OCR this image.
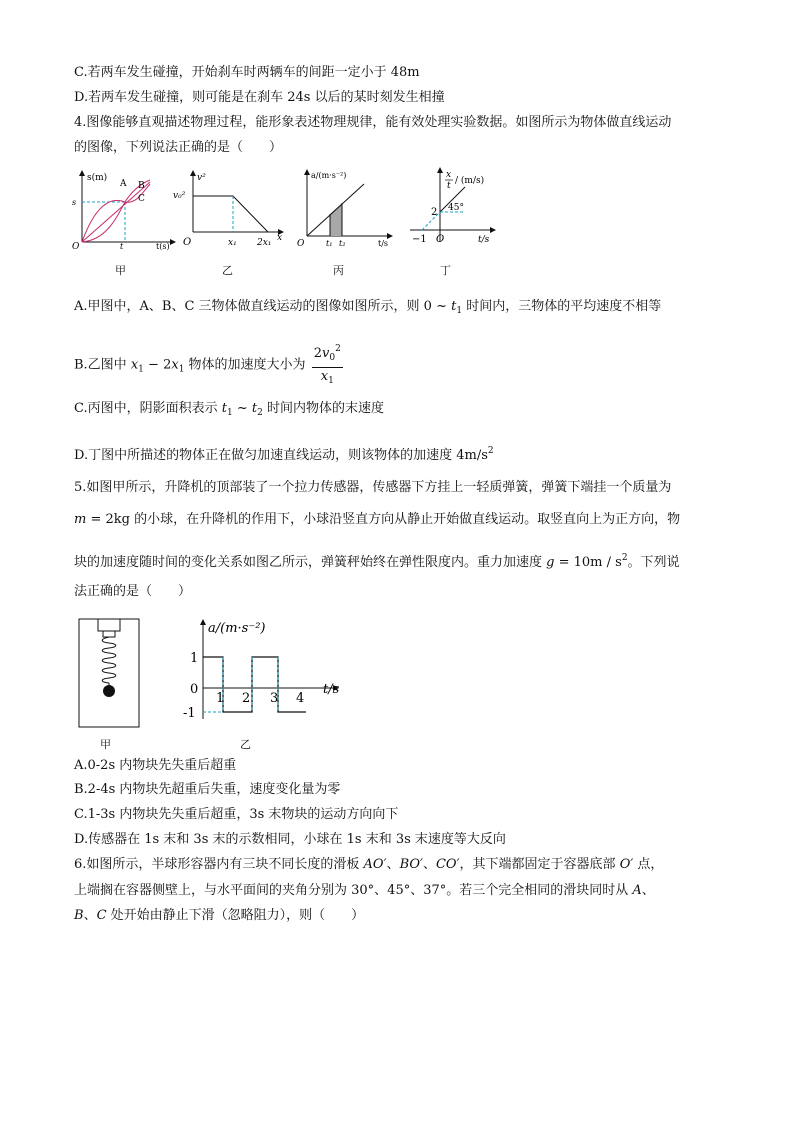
C.若两车发生碰撞，开始刹车时两辆车的间距一定小于 48m
D.若两车发生碰撞，则可能是在刹车 24s 以后的某时刻发生相撞
4.图像能够直观描述物理过程，能形象表述物理规律，能有效处理实验数据。如图所示为物体做直线运动
的图像，下列说法正确的是（　　）
s(m)
A B
C
s
t
O	t(s)
甲
v²
v₀²
O	x₁ 2x₁ x
乙
a/(m·s⁻²)
O	t₁ t₂	t/s
丙
x
t / (m/s)
2 45°
−1 O	t/s
丁
A.甲图中，A、B、C 三物体做直线运动的图像如图所示，则 0 ~ $t_1$ 时间内，三物体的平均速度不相等
B.乙图中 $x_1 - 2x_1$ 物体的加速度大小为 $\frac{2v_0^2}{x_1}$
C.丙图中，阴影面积表示 $t_1$ ~ $t_2$ 时间内物体的末速度
D.丁图中所描述的物体正在做匀加速直线运动，则该物体的加速度 $4m/s^2$
5.如图甲所示，升降机的顶部装了一个拉力传感器，传感器下方挂上一轻质弹簧，弹簧下端挂一个质量为
m = 2kg 的小球，在升降机的作用下，小球沿竖直方向从静止开始做直线运动。取竖直向上为正方向，物
块的加速度随时间的变化关系如图乙所示，弹簧秤始终在弹性限度内。重力加速度 $g = 10m / s^2$。下列说
法正确的是（　　）
甲
a/(m·s⁻²)
1
0
-1
1 2 3 4
t/s
乙
A.0-2s 内物块先失重后超重
B.2-4s 内物块先超重后失重，速度变化量为零
C.1-3s 内物块先失重后超重，3s 末物块的运动方向向下
D.传感器在 1s 末和 3s 末的示数相同，小球在 1s 末和 3s 末速度等大反向
6.如图所示，半球形容器内有三块不同长度的滑板 AO′、BO′、CO′，其下端都固定于容器底部 O′ 点，
上端搁在容器侧壁上，与水平面间的夹角分别为 30°、45°、37°。若三个完全相同的滑块同时从 A、
B、C 处开始由静止下滑（忽略阻力），则（　　）
